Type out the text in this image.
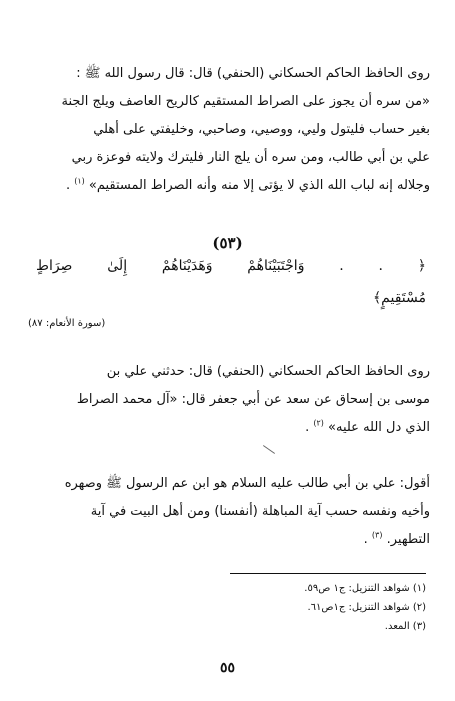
روى الحافظ الحاكم الحسكاني (الحنفي) قال: قال رسول الله ﷺ :
«من سره أن يجوز على الصراط المستقيم كالريح العاصف ويلج الجنة
بغير حساب فليتول وليي، ووصيي، وصاحبي، وخليفتي على أهلي
علي بن أبي طالب، ومن سره أن يلج النار فليترك ولايته فوعزة ربي
وجلاله إنه لباب الله الذي لا يؤتى إلا منه وأنه الصراط المستقيم» $^{(١)}$ .
(٥٣)
﴿ . . وَاجْتَبَيْنَاهُمْ وَهَدَيْنَاهُمْ إِلَىٰ صِرَاطٍ
مُسْتَقِيمٍ﴾
(سورة الأنعام: ٨٧)
روى الحافظ الحاكم الحسكاني (الحنفي) قال: حدثني علي بن
موسى بن إسحاق عن سعد عن أبي جعفر قال: «آل محمد الصراط
الذي دل الله عليه» $^{(٢)}$ .
أقول: علي بن أبي طالب عليه السلام هو ابن عم الرسول ﷺ وصهره
وأخيه ونفسه حسب آية المباهلة (أنفسنا) ومن أهل البيت في آية
التطهير. $^{(٣)}$ .
(١) شواهد التنزيل: ج١ ص٥٩.
(٢) شواهد التنزيل: ج١ص٦١.
(٣) المعد.
٥٥
